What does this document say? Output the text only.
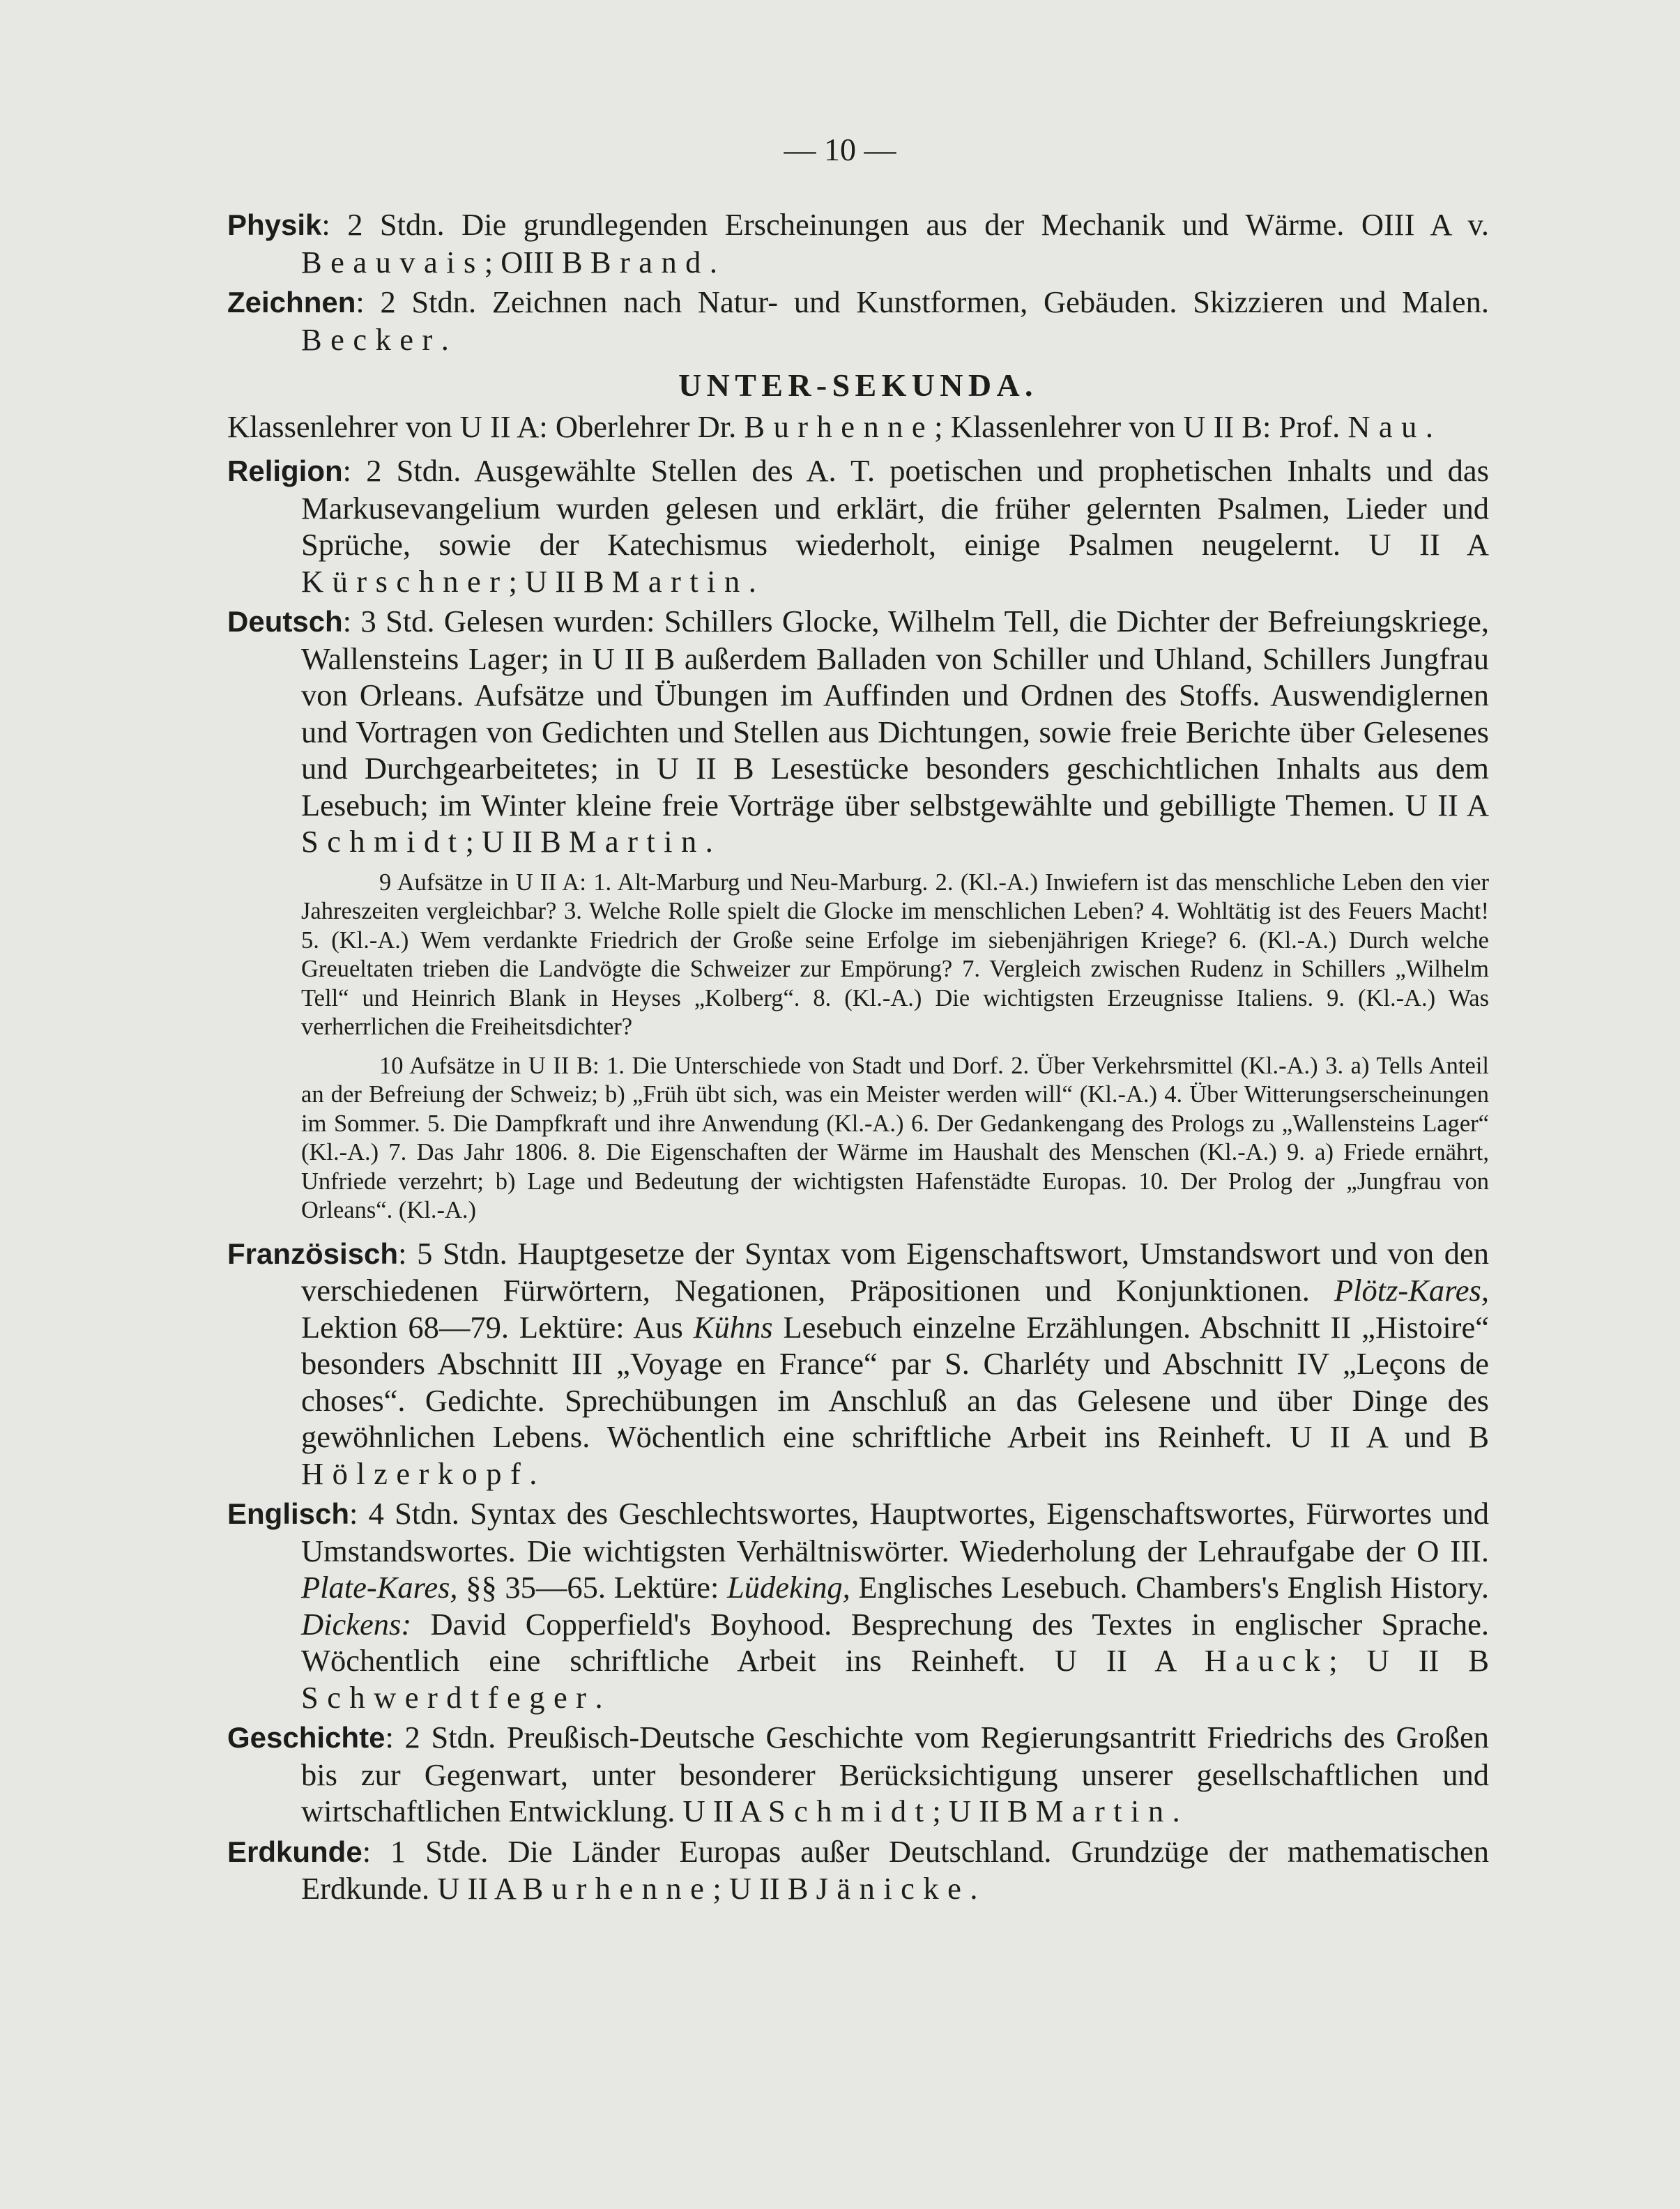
— 10 —

Physik: 2 Stdn. Die grundlegenden Erscheinungen aus der Mechanik und Wärme. OIII A v. Beauvais; OIII B Brand.

Zeichnen: 2 Stdn. Zeichnen nach Natur- und Kunstformen, Gebäuden. Skizzieren und Malen. Becker.

UNTER-SEKUNDA.

Klassenlehrer von U II A: Oberlehrer Dr. Burhenne; Klassenlehrer von U II B: Prof. Nau.

Religion: 2 Stdn. Ausgewählte Stellen des A. T. poetischen und prophetischen Inhalts und das Markusevangelium wurden gelesen und erklärt, die früher gelernten Psalmen, Lieder und Sprüche, sowie der Katechismus wiederholt, einige Psalmen neugelernt. U II A Kürschner; U II B Martin.

Deutsch: 3 Std. Gelesen wurden: Schillers Glocke, Wilhelm Tell, die Dichter der Befreiungskriege, Wallensteins Lager; in U II B außerdem Balladen von Schiller und Uhland, Schillers Jungfrau von Orleans. Aufsätze und Übungen im Auffinden und Ordnen des Stoffs. Auswendiglernen und Vortragen von Gedichten und Stellen aus Dichtungen, sowie freie Berichte über Gelesenes und Durchgearbeitetes; in U II B Lesestücke besonders geschichtlichen Inhalts aus dem Lesebuch; im Winter kleine freie Vorträge über selbstgewählte und gebilligte Themen. U II A Schmidt; U II B Martin.

9 Aufsätze in U II A: 1. Alt-Marburg und Neu-Marburg. 2. (Kl.-A.) Inwiefern ist das menschliche Leben den vier Jahreszeiten vergleichbar? 3. Welche Rolle spielt die Glocke im menschlichen Leben? 4. Wohltätig ist des Feuers Macht! 5. (Kl.-A.) Wem verdankte Friedrich der Große seine Erfolge im siebenjährigen Kriege? 6. (Kl.-A.) Durch welche Greueltaten trieben die Landvögte die Schweizer zur Empörung? 7. Vergleich zwischen Rudenz in Schillers „Wilhelm Tell“ und Heinrich Blank in Heyses „Kolberg“. 8. (Kl.-A.) Die wichtigsten Erzeugnisse Italiens. 9. (Kl.-A.) Was verherrlichen die Freiheitsdichter?

10 Aufsätze in U II B: 1. Die Unterschiede von Stadt und Dorf. 2. Über Verkehrsmittel (Kl.-A.) 3. a) Tells Anteil an der Befreiung der Schweiz; b) „Früh übt sich, was ein Meister werden will“ (Kl.-A.) 4. Über Witterungserscheinungen im Sommer. 5. Die Dampfkraft und ihre Anwendung (Kl.-A.) 6. Der Gedankengang des Prologs zu „Wallensteins Lager“ (Kl.-A.) 7. Das Jahr 1806. 8. Die Eigenschaften der Wärme im Haushalt des Menschen (Kl.-A.) 9. a) Friede ernährt, Unfriede verzehrt; b) Lage und Bedeutung der wichtigsten Hafenstädte Europas. 10. Der Prolog der „Jungfrau von Orleans“. (Kl.-A.)

Französisch: 5 Stdn. Hauptgesetze der Syntax vom Eigenschaftswort, Umstandswort und von den verschiedenen Fürwörtern, Negationen, Präpositionen und Konjunktionen. Plötz-Kares, Lektion 68—79. Lektüre: Aus Kühns Lesebuch einzelne Erzählungen. Abschnitt II „Histoire“ besonders Abschnitt III „Voyage en France“ par S. Charléty und Abschnitt IV „Leçons de choses“. Gedichte. Sprechübungen im Anschluß an das Gelesene und über Dinge des gewöhnlichen Lebens. Wöchentlich eine schriftliche Arbeit ins Reinheft. U II A und B Hölzerkopf.

Englisch: 4 Stdn. Syntax des Geschlechtswortes, Hauptwortes, Eigenschaftswortes, Fürwortes und Umstandswortes. Die wichtigsten Verhältniswörter. Wiederholung der Lehraufgabe der O III. Plate-Kares, §§ 35—65. Lektüre: Lüdeking, Englisches Lesebuch. Chambers's English History. Dickens: David Copperfield's Boyhood. Besprechung des Textes in englischer Sprache. Wöchentlich eine schriftliche Arbeit ins Reinheft. U II A Hauck; U II B Schwerdtfeger.

Geschichte: 2 Stdn. Preußisch-Deutsche Geschichte vom Regierungsantritt Friedrichs des Großen bis zur Gegenwart, unter besonderer Berücksichtigung unserer gesellschaftlichen und wirtschaftlichen Entwicklung. U II A Schmidt; U II B Martin.

Erdkunde: 1 Stde. Die Länder Europas außer Deutschland. Grundzüge der mathematischen Erdkunde. U II A Burhenne; U II B Jänicke.
